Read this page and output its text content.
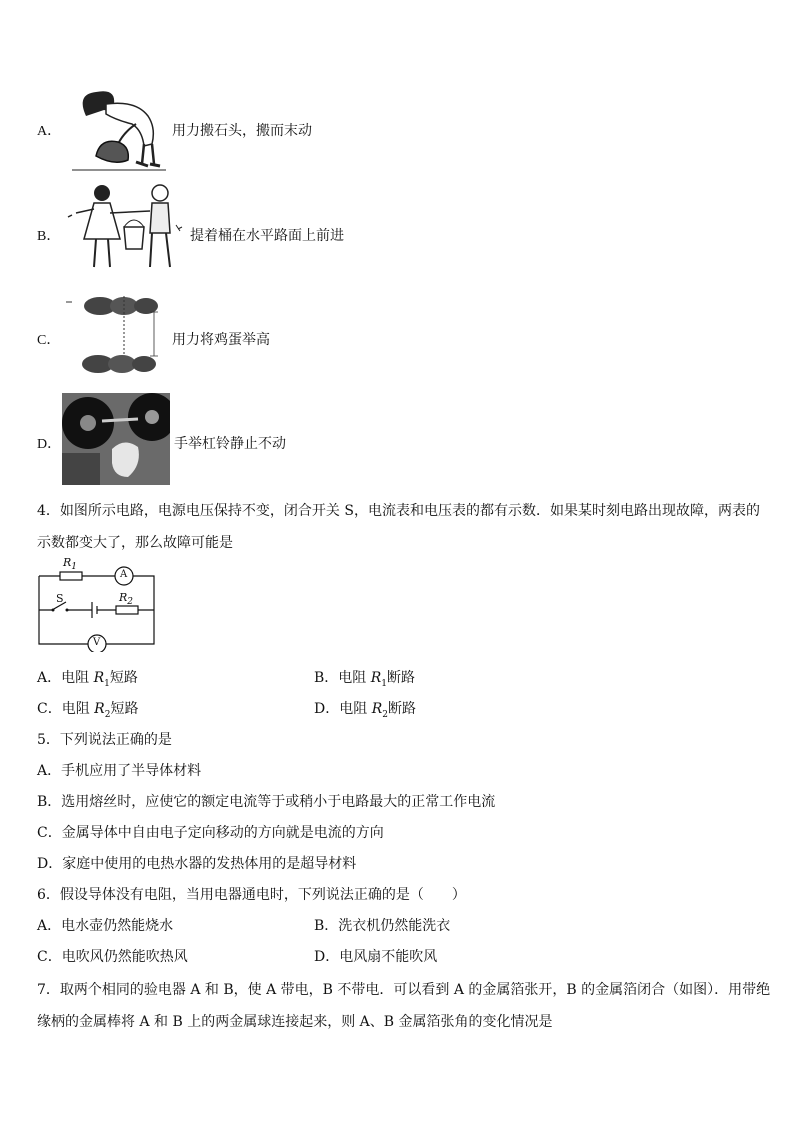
A．	用力搬石头，搬而末动
B．	提着桶在水平路面上前进
C．	用力将鸡蛋举高
D．	手举杠铃静止不动
4．如图所示电路，电源电压保持不变，闭合开关 S，电流表和电压表的都有示数．如果某时刻电路出现故障，两表的
示数都变大了，那么故障可能是
$R_1$
A
S	$R_2$
V
A．电阻 $R_1$短路	B．电阻 $R_1$断路
C．电阻 $R_2$短路	D．电阻 $R_2$断路
5．下列说法正确的是
A．手机应用了半导体材料
B．选用熔丝时，应使它的额定电流等于或稍小于电路最大的正常工作电流
C．金属导体中自由电子定向移动的方向就是电流的方向
D．家庭中使用的电热水器的发热体用的是超导材料
6．假设导体没有电阻，当用电器通电时，下列说法正确的是（　　）
A．电水壶仍然能烧水	B．洗衣机仍然能洗衣
C．电吹风仍然能吹热风	D．电风扇不能吹风
7．取两个相同的验电器 A 和 B，使 A 带电，B 不带电．可以看到 A 的金属箔张开，B 的金属箔闭合（如图）．用带绝
缘柄的金属棒将 A 和 B 上的两金属球连接起来，则 A、B 金属箔张角的变化情况是
